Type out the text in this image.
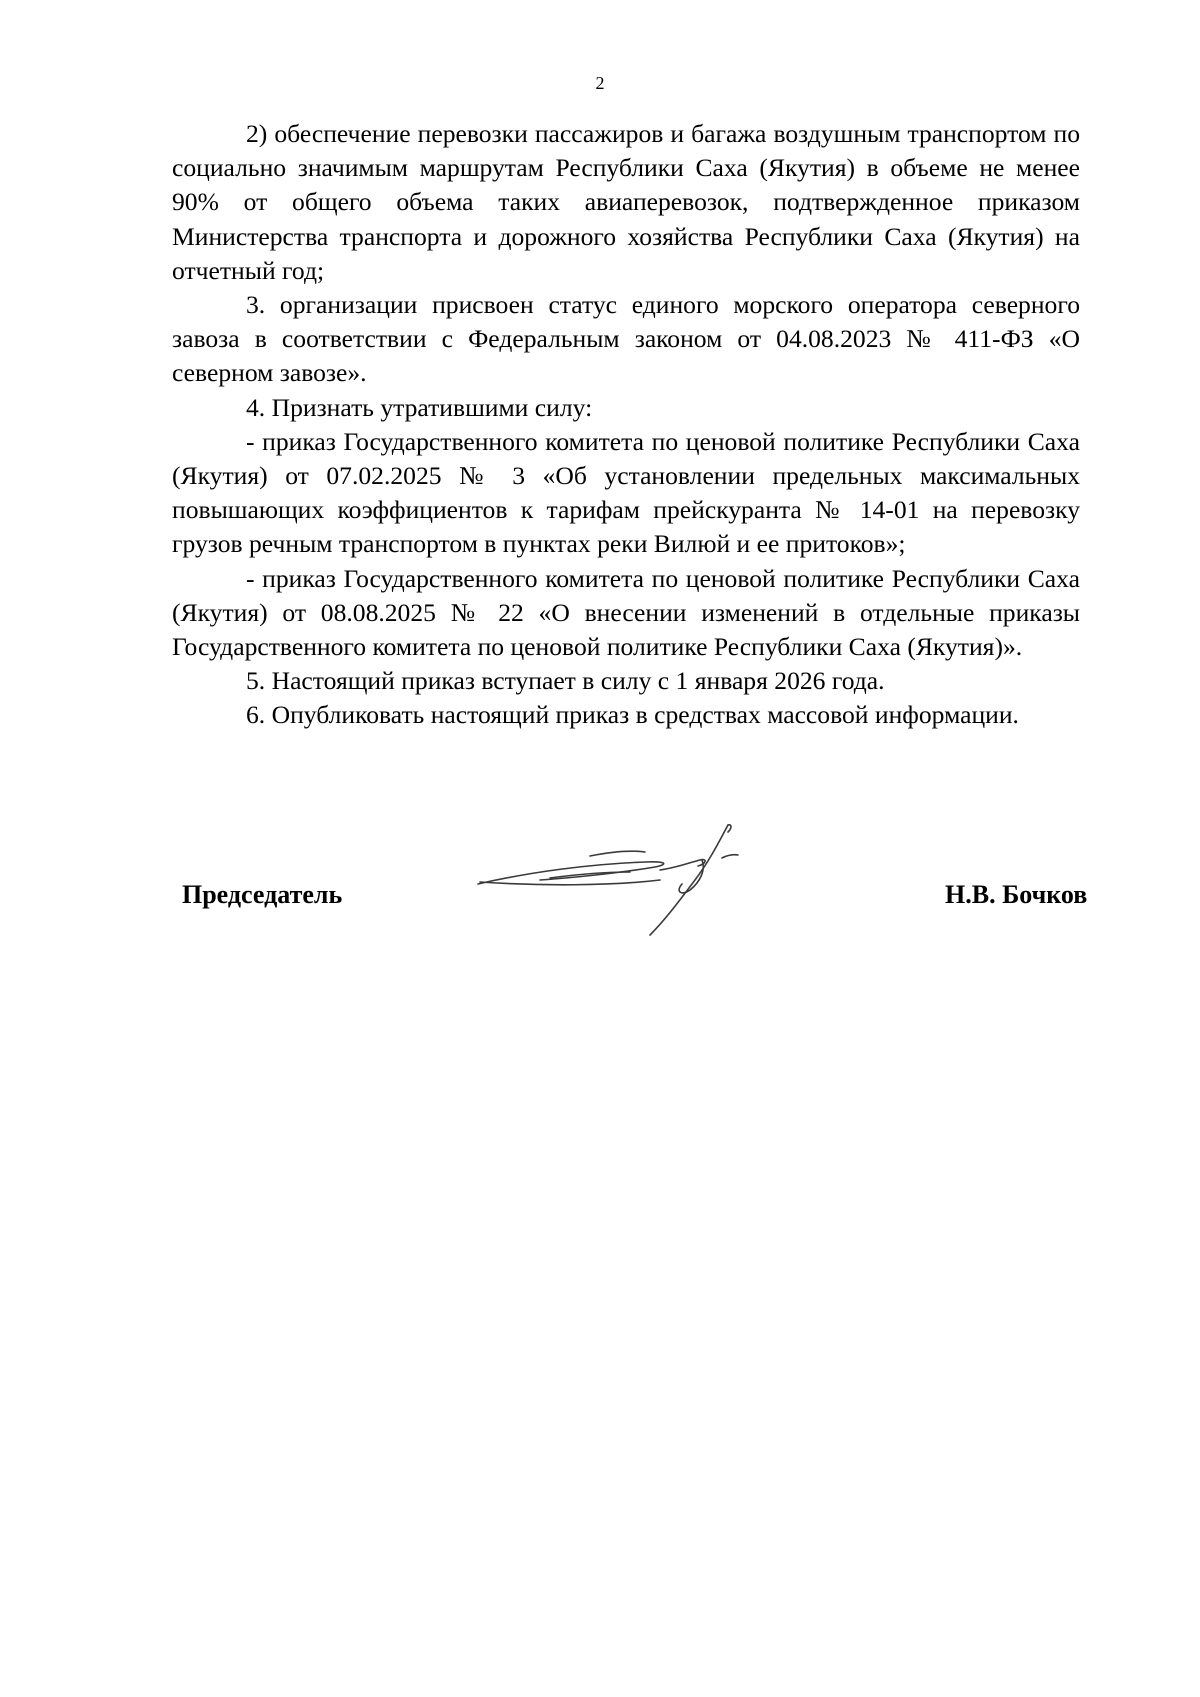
2

2) обеспечение перевозки пассажиров и багажа воздушным транспортом по социально значимым маршрутам Республики Саха (Якутия) в объеме не менее 90% от общего объема таких авиаперевозок, подтвержденное приказом Министерства транспорта и дорожного хозяйства Республики Саха (Якутия) на отчетный год;

3. организации присвоен статус единого морского оператора северного завоза в соответствии с Федеральным законом от 04.08.2023 № 411-ФЗ «О северном завозе».

4. Признать утратившими силу:

- приказ Государственного комитета по ценовой политике Республики Саха (Якутия) от 07.02.2025 № 3 «Об установлении предельных максимальных повышающих коэффициентов к тарифам прейскуранта № 14-01 на перевозку грузов речным транспортом в пунктах реки Вилюй и ее притоков»;

- приказ Государственного комитета по ценовой политике Республики Саха (Якутия) от 08.08.2025 № 22 «О внесении изменений в отдельные приказы Государственного комитета по ценовой политике Республики Саха (Якутия)».

5. Настоящий приказ вступает в силу с 1 января 2026 года.

6. Опубликовать настоящий приказ в средствах массовой информации.

Председатель	Н.В. Бочков
